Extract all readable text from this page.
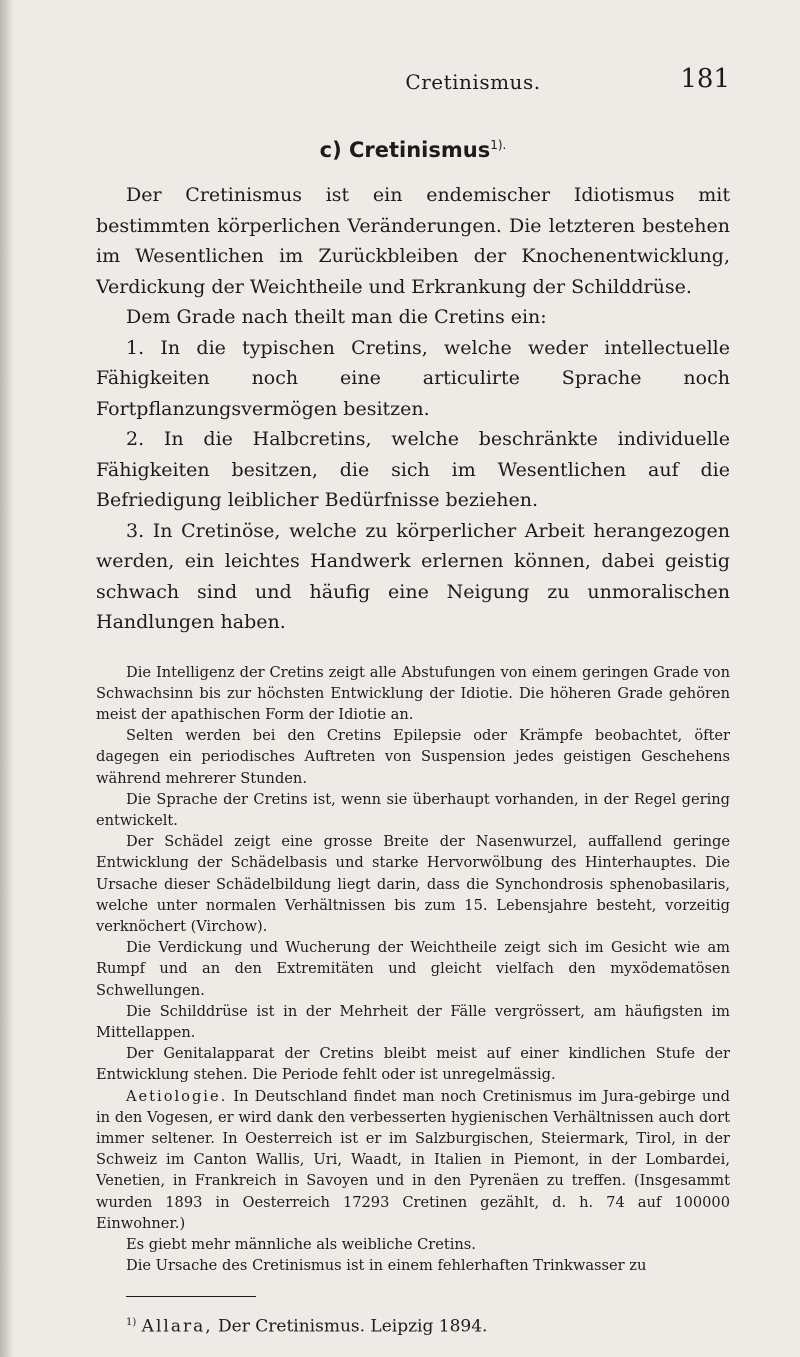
Cretinismus.	181
c) Cretinismus$^{1).}$

Der Cretinismus ist ein endemischer Idiotismus mit bestimmten körperlichen Veränderungen. Die letzteren bestehen im Wesentlichen im Zurückbleiben der Knochenentwicklung, Verdickung der Weichtheile und Erkrankung der Schilddrüse.

Dem Grade nach theilt man die Cretins ein:

1. In die typischen Cretins, welche weder intellectuelle Fähigkeiten noch eine articulirte Sprache noch Fortpflanzungsvermögen besitzen.

2. In die Halbcretins, welche beschränkte individuelle Fähigkeiten besitzen, die sich im Wesentlichen auf die Befriedigung leiblicher Bedürfnisse beziehen.

3. In Cretinöse, welche zu körperlicher Arbeit herangezogen werden, ein leichtes Handwerk erlernen können, dabei geistig schwach sind und häufig eine Neigung zu unmoralischen Handlungen haben.

Die Intelligenz der Cretins zeigt alle Abstufungen von einem geringen Grade von Schwachsinn bis zur höchsten Entwicklung der Idiotie. Die höheren Grade gehören meist der apathischen Form der Idiotie an.

Selten werden bei den Cretins Epilepsie oder Krämpfe beobachtet, öfter dagegen ein periodisches Auftreten von Suspension jedes geistigen Geschehens während mehrerer Stunden.

Die Sprache der Cretins ist, wenn sie überhaupt vorhanden, in der Regel gering entwickelt.

Der Schädel zeigt eine grosse Breite der Nasenwurzel, auffallend geringe Entwicklung der Schädelbasis und starke Hervorwölbung des Hinterhauptes. Die Ursache dieser Schädelbildung liegt darin, dass die Synchondrosis sphenobasilaris, welche unter normalen Verhältnissen bis zum 15. Lebensjahre besteht, vorzeitig verknöchert (Virchow).

Die Verdickung und Wucherung der Weichtheile zeigt sich im Gesicht wie am Rumpf und an den Extremitäten und gleicht vielfach den myxödematösen Schwellungen.

Die Schilddrüse ist in der Mehrheit der Fälle vergrössert, am häufigsten im Mittellappen.

Der Genitalapparat der Cretins bleibt meist auf einer kindlichen Stufe der Entwicklung stehen. Die Periode fehlt oder ist unregelmässig.

Aetiologie. In Deutschland findet man noch Cretinismus im Jura-gebirge und in den Vogesen, er wird dank den verbesserten hygienischen Verhältnissen auch dort immer seltener. In Oesterreich ist er im Salzburgischen, Steiermark, Tirol, in der Schweiz im Canton Wallis, Uri, Waadt, in Italien in Piemont, in der Lombardei, Venetien, in Frankreich in Savoyen und in den Pyrenäen zu treffen. (Insgesammt wurden 1893 in Oesterreich 17293 Cretinen gezählt, d. h. 74 auf 100000 Einwohner.)

Es giebt mehr männliche als weibliche Cretins.

Die Ursache des Cretinismus ist in einem fehlerhaften Trinkwasser zu

$^{1)}$ Allara, Der Cretinismus. Leipzig 1894.
